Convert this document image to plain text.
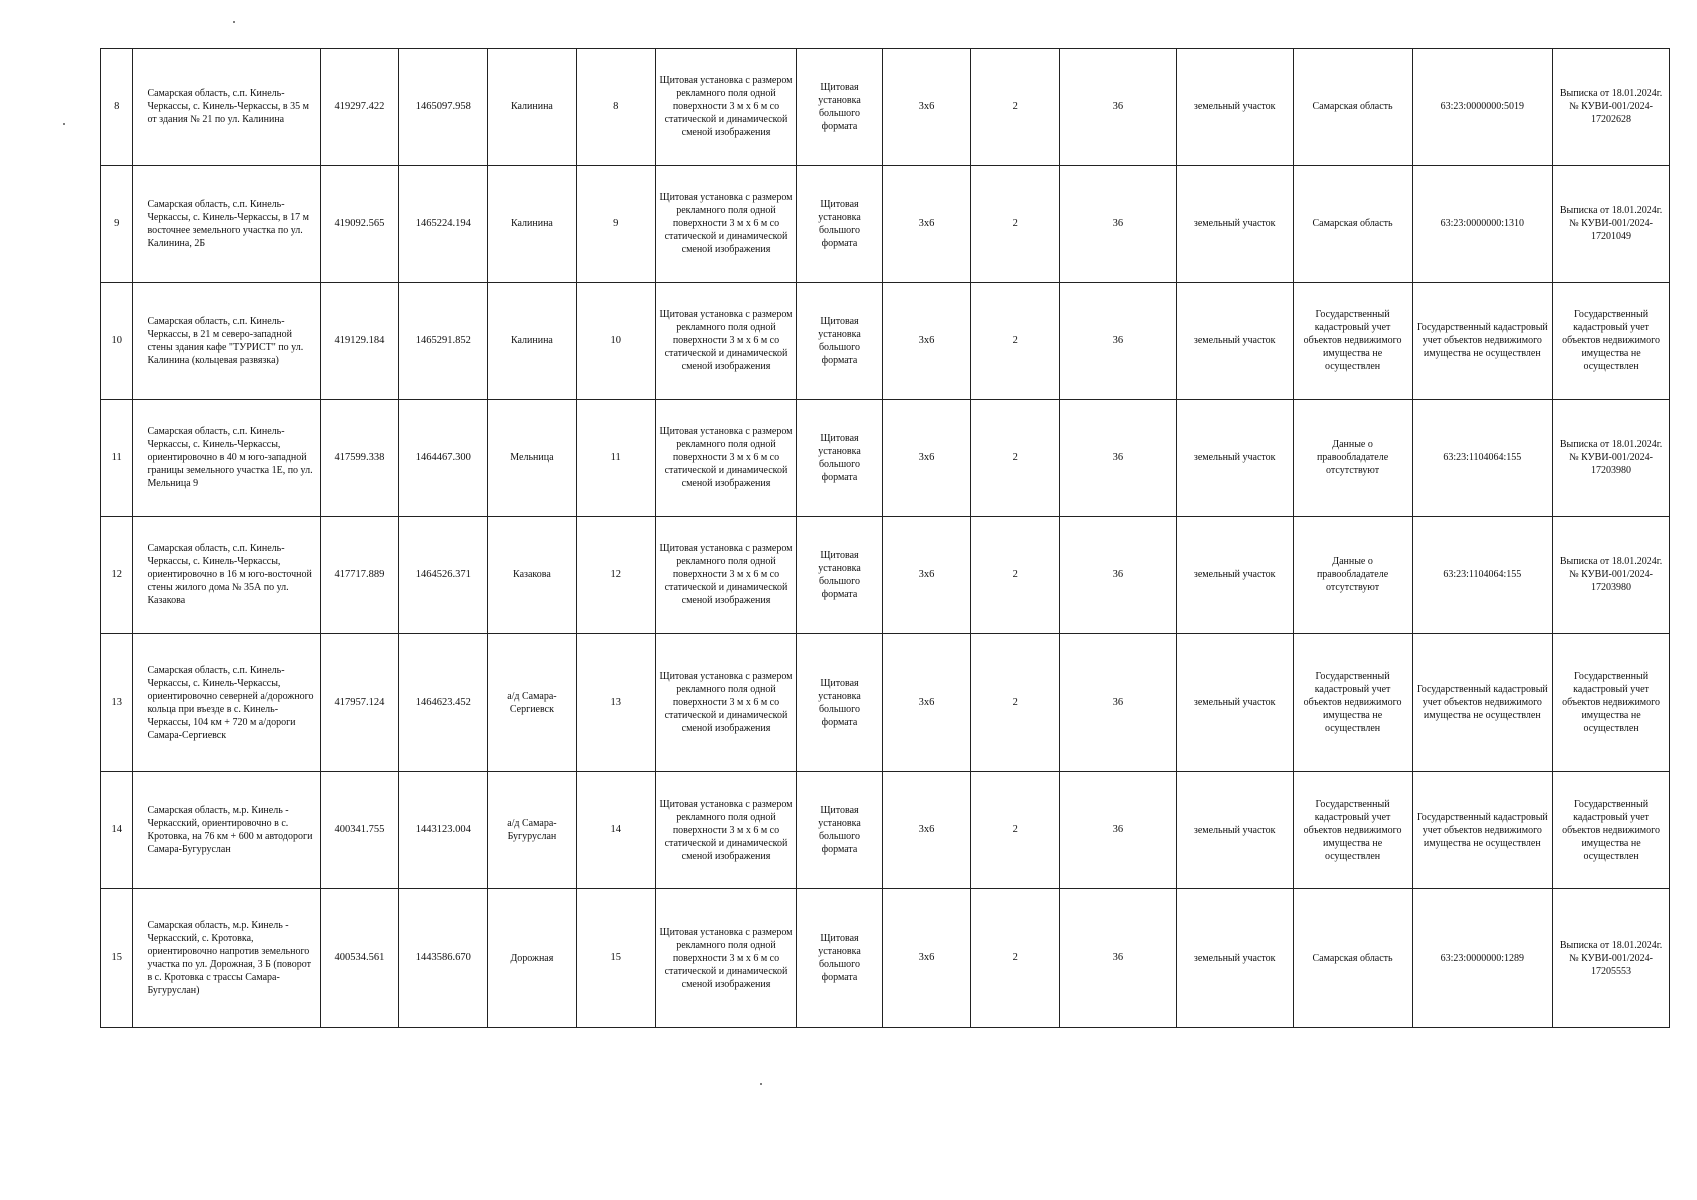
8	Самарская область, с.п. Кинель-Черкассы, с. Кинель-Черкассы, в 35 м от здания № 21 по ул. Калинина	419297.422	1465097.958	Калинина	8	Щитовая установка с размером рекламного поля одной поверхности 3 м х 6 м со статической и динамической сменой изображения	Щитовая установка большого формата	3х6	2	36	земельный участок	Самарская область	63:23:0000000:5019	Выписка от 18.01.2024г. № КУВИ-001/2024-17202628
9	Самарская область, с.п. Кинель-Черкассы, с. Кинель-Черкассы, в 17 м восточнее земельного участка по ул. Калинина, 2Б	419092.565	1465224.194	Калинина	9	Щитовая установка с размером рекламного поля одной поверхности 3 м х 6 м со статической и динамической сменой изображения	Щитовая установка большого формата	3х6	2	36	земельный участок	Самарская область	63:23:0000000:1310	Выписка от 18.01.2024г. № КУВИ-001/2024-17201049
10	Самарская область, с.п. Кинель-Черкассы, в 21 м северо-западной стены здания кафе "ТУРИСТ" по ул. Калинина (кольцевая развязка)	419129.184	1465291.852	Калинина	10	Щитовая установка с размером рекламного поля одной поверхности 3 м х 6 м со статической и динамической сменой изображения	Щитовая установка большого формата	3х6	2	36	земельный участок	Государственный кадастровый учет объектов недвижимого имущества не осуществлен	Государственный кадастровый учет объектов недвижимого имущества не осуществлен	Государственный кадастровый учет объектов недвижимого имущества не осуществлен
11	Самарская область, с.п. Кинель-Черкассы, с. Кинель-Черкассы, ориентировочно в 40 м юго-западной границы земельного участка 1Е, по ул. Мельница 9	417599.338	1464467.300	Мельница	11	Щитовая установка с размером рекламного поля одной поверхности 3 м х 6 м со статической и динамической сменой изображения	Щитовая установка большого формата	3х6	2	36	земельный участок	Данные о правообладателе отсутствуют	63:23:1104064:155	Выписка от 18.01.2024г. № КУВИ-001/2024-17203980
12	Самарская область, с.п. Кинель-Черкассы, с. Кинель-Черкассы, ориентировочно в 16 м юго-восточной стены жилого дома № 35А по ул. Казакова	417717.889	1464526.371	Казакова	12	Щитовая установка с размером рекламного поля одной поверхности 3 м х 6 м со статической и динамической сменой изображения	Щитовая установка большого формата	3х6	2	36	земельный участок	Данные о правообладателе отсутствуют	63:23:1104064:155	Выписка от 18.01.2024г. № КУВИ-001/2024-17203980
13	Самарская область, с.п. Кинель-Черкассы, с. Кинель-Черкассы, ориентировочно северней а/дорожного кольца при въезде в с. Кинель-Черкассы, 104 км + 720 м а/дороги Самара-Сергиевск	417957.124	1464623.452	а/д Самара-Сергиевск	13	Щитовая установка с размером рекламного поля одной поверхности 3 м х 6 м со статической и динамической сменой изображения	Щитовая установка большого формата	3х6	2	36	земельный участок	Государственный кадастровый учет объектов недвижимого имущества не осуществлен	Государственный кадастровый учет объектов недвижимого имущества не осуществлен	Государственный кадастровый учет объектов недвижимого имущества не осуществлен
14	Самарская область, м.р. Кинель - Черкасский, ориентировочно в с. Кротовка, на 76 км + 600 м автодороги Самара-Бугуруслан	400341.755	1443123.004	а/д Самара-Бугуруслан	14	Щитовая установка с размером рекламного поля одной поверхности 3 м х 6 м со статической и динамической сменой изображения	Щитовая установка большого формата	3х6	2	36	земельный участок	Государственный кадастровый учет объектов недвижимого имущества не осуществлен	Государственный кадастровый учет объектов недвижимого имущества не осуществлен	Государственный кадастровый учет объектов недвижимого имущества не осуществлен
15	Самарская область, м.р. Кинель - Черкасский, с. Кротовка, ориентировочно напротив земельного участка по ул. Дорожная, 3 Б (поворот в с. Кротовка с трассы Самара-Бугуруслан)	400534.561	1443586.670	Дорожная	15	Щитовая установка с размером рекламного поля одной поверхности 3 м х 6 м со статической и динамической сменой изображения	Щитовая установка большого формата	3х6	2	36	земельный участок	Самарская область	63:23:0000000:1289	Выписка от 18.01.2024г. № КУВИ-001/2024-17205553
